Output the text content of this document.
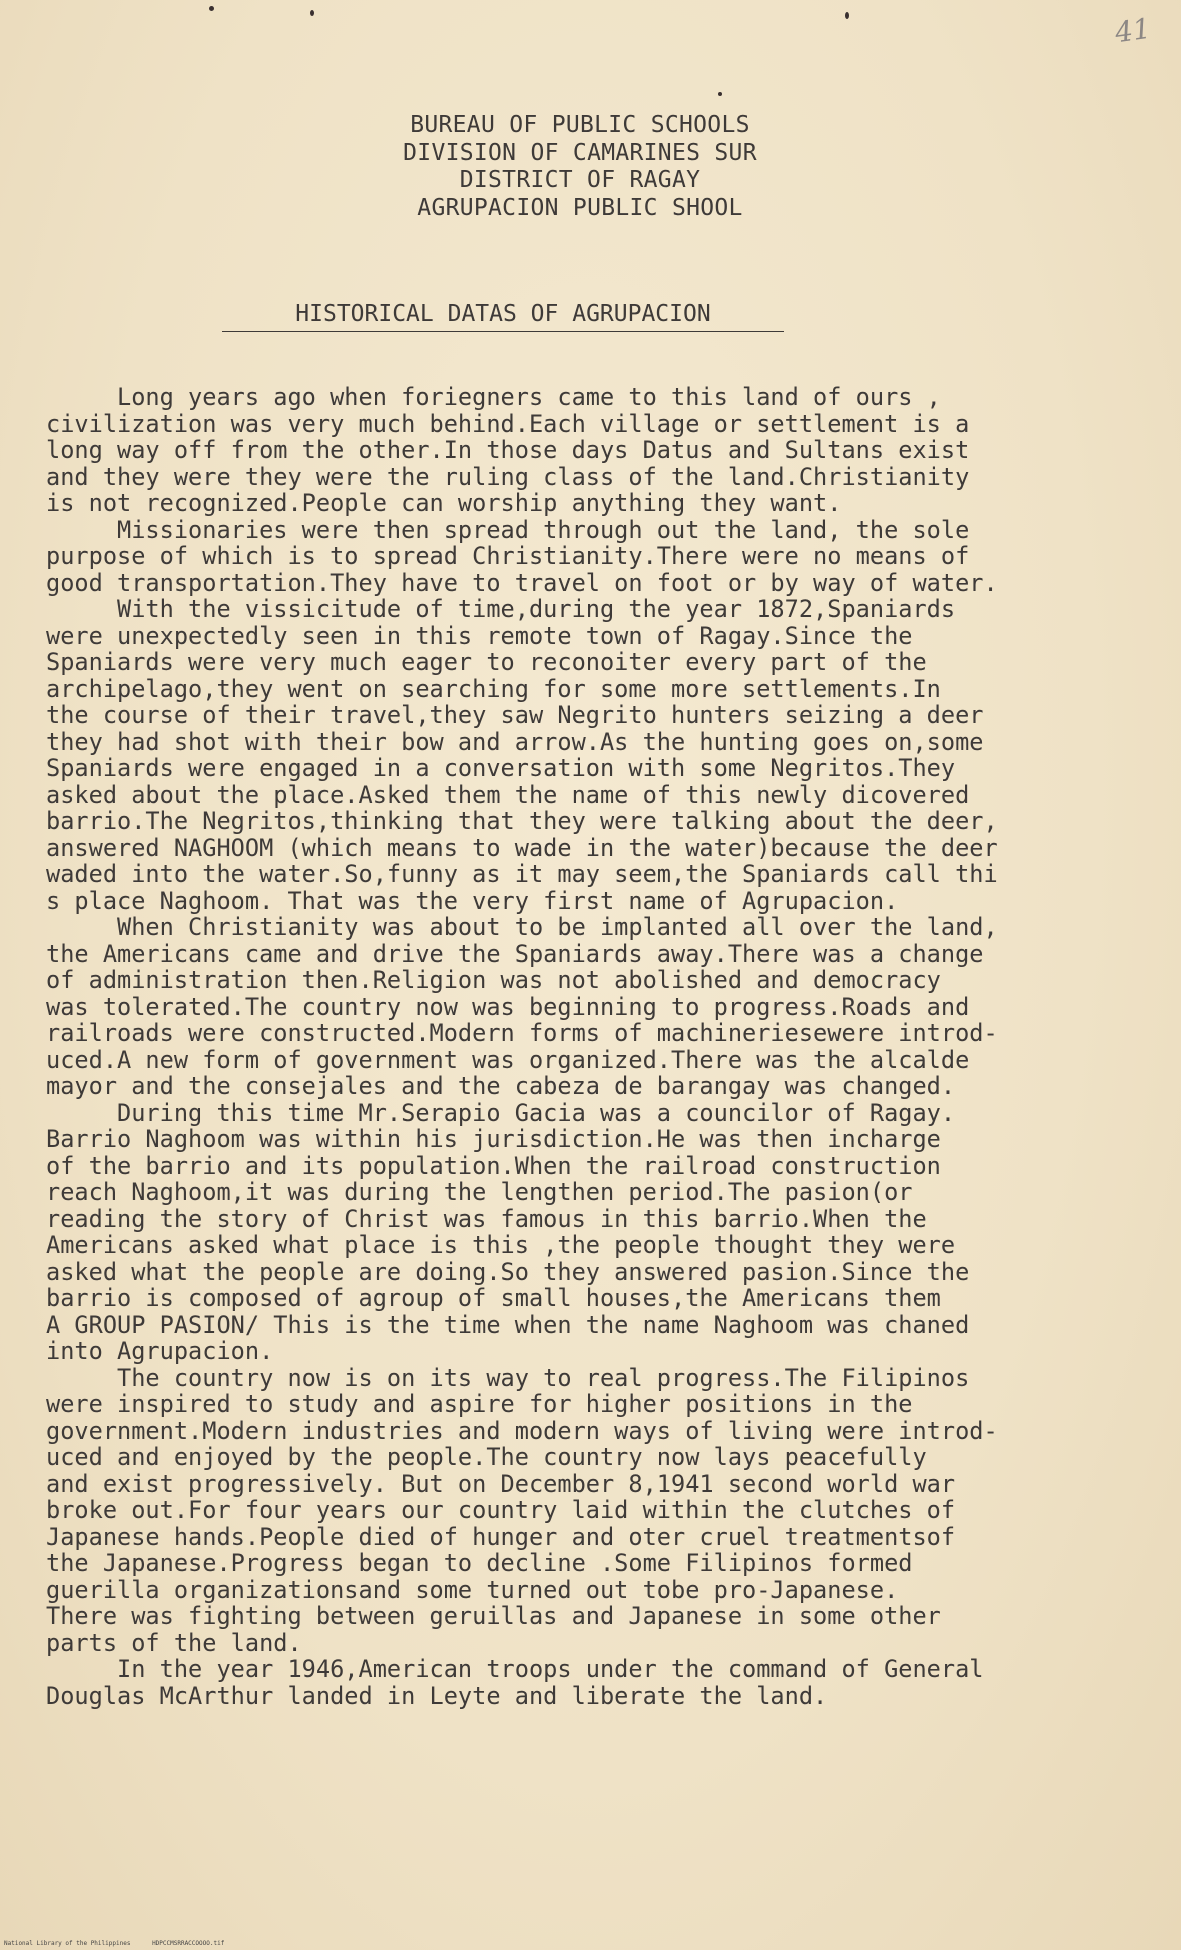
41
BUREAU OF PUBLIC SCHOOLS
DIVISION OF CAMARINES SUR
DISTRICT OF RAGAY
AGRUPACION PUBLIC SHOOL
HISTORICAL DATAS OF AGRUPACION
Long years ago when foriegners came to this land of ours ,
civilization was very much behind.Each village or settlement is a
long way off from the other.In those days Datus and Sultans exist
and they were they were the ruling class of the land.Christianity
is not recognized.People can worship anything they want.
Missionaries were then spread through out the land, the sole
purpose of which is to spread Christianity.There were no means of
good transportation.They have to travel on foot or by way of water.
With the vissicitude of time,during the year 1872,Spaniards
were unexpectedly seen in this remote town of Ragay.Since the
Spaniards were very much eager to reconoiter every part of the
archipelago,they went on searching for some more settlements.In
the course of their travel,they saw Negrito hunters seizing a deer
they had shot with their bow and arrow.As the hunting goes on,some
Spaniards were engaged in a conversation with some Negritos.They
asked about the place.Asked them the name of this newly dicovered
barrio.The Negritos,thinking that they were talking about the deer,
answered NAGHOOM (which means to wade in the water)because the deer
waded into the water.So,funny as it may seem,the Spaniards call thi
s place Naghoom. That was the very first name of Agrupacion.
When Christianity was about to be implanted all over the land,
the Americans came and drive the Spaniards away.There was a change
of administration then.Religion was not abolished and democracy
was tolerated.The country now was beginning to progress.Roads and
railroads were constructed.Modern forms of machineriesewere introd-
uced.A new form of government was organized.There was the alcalde
mayor and the consejales and the cabeza de barangay was changed.
During this time Mr.Serapio Gacia was a councilor of Ragay.
Barrio Naghoom was within his jurisdiction.He was then incharge
of the barrio and its population.When the railroad construction
reach Naghoom,it was during the lengthen period.The pasion(or
reading the story of Christ was famous in this barrio.When the
Americans asked what place is this ,the people thought they were
asked what the people are doing.So they answered pasion.Since the
barrio is composed of agroup of small houses,the Americans them
A GROUP PASION/ This is the time when the name Naghoom was chaned
into Agrupacion.
The country now is on its way to real progress.The Filipinos
were inspired to study and aspire for higher positions in the
government.Modern industries and modern ways of living were introd-
uced and enjoyed by the people.The country now lays peacefully
and exist progressively. But on December 8,1941 second world war
broke out.For four years our country laid within the clutches of
Japanese hands.People died of hunger and oter cruel treatmentsof
the Japanese.Progress began to decline .Some Filipinos formed
guerilla organizationsand some turned out tobe pro-Japanese.
There was fighting between geruillas and Japanese in some other
parts of the land.
In the year 1946,American troops under the command of General
Douglas McArthur landed in Leyte and liberate the land.
National Library of the Philippines	HDPCCMSRRACCOOOO.tif
